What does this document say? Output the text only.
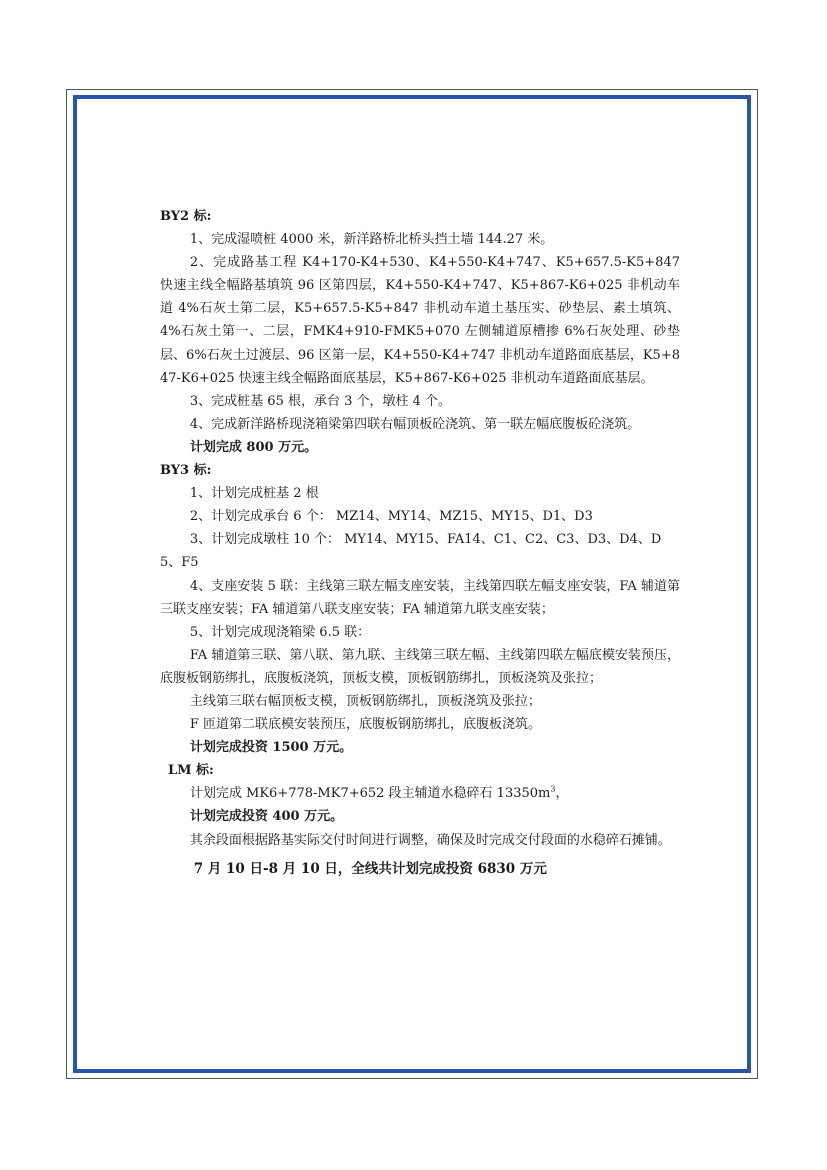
BY2 标:

1、完成湿喷桩 4000 米，新洋路桥北桥头挡土墙 144.27 米。

2、完成路基工程 K4+170-K4+530、K4+550-K4+747、K5+657.5-K5+847 快速主线全幅路基填筑 96 区第四层，K4+550-K4+747、K5+867-K6+025 非机动车道 4%石灰土第二层，K5+657.5-K5+847 非机动车道土基压实、砂垫层、素土填筑、4%石灰土第一、二层，FMK4+910-FMK5+070 左侧辅道原槽掺 6%石灰处理、砂垫层、6%石灰土过渡层、96 区第一层，K4+550-K4+747 非机动车道路面底基层，K5+847-K6+025 快速主线全幅路面底基层，K5+867-K6+025 非机动车道路面底基层。

3、完成桩基 65 根，承台 3 个，墩柱 4 个。

4、完成新洋路桥现浇箱梁第四联右幅顶板砼浇筑、第一联左幅底腹板砼浇筑。

计划完成 800 万元。

BY3 标:

1、计划完成桩基 2 根

2、计划完成承台 6 个： MZ14、MY14、MZ15、MY15、D1、D3

3、计划完成墩柱 10 个： MY14、MY15、FA14、C1、C2、C3、D3、D4、D5、F5

4、支座安装 5 联：主线第三联左幅支座安装，主线第四联左幅支座安装，FA 辅道第三联支座安装；FA 辅道第八联支座安装；FA 辅道第九联支座安装；

5、计划完成现浇箱梁 6.5 联：

FA 辅道第三联、第八联、第九联、主线第三联左幅、主线第四联左幅底模安装预压，底腹板钢筋绑扎，底腹板浇筑，顶板支模，顶板钢筋绑扎，顶板浇筑及张拉；

主线第三联右幅顶板支模，顶板钢筋绑扎，顶板浇筑及张拉；

F 匝道第二联底模安装预压，底腹板钢筋绑扎，底腹板浇筑。

计划完成投资 1500 万元。

LM 标:

计划完成 MK6+778-MK7+652 段主辅道水稳碎石 $13350m^3$，

计划完成投资 400 万元。

其余段面根据路基实际交付时间进行调整，确保及时完成交付段面的水稳碎石摊铺。

7 月 10 日-8 月 10 日，全线共计划完成投资 6830 万元
